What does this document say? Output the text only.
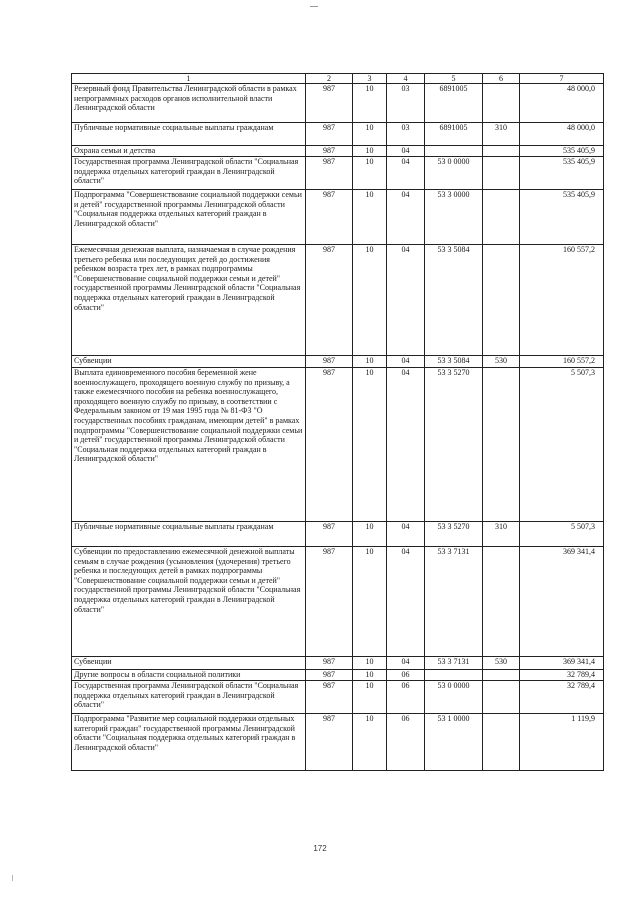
1	2	3	4	5	6	7
Резервный фонд Правительства Ленинградской области в рамках непрограммных расходов органов исполнительной власти Ленинградской области	987	10	03	6891005		48 000,0
Публичные нормативные социальные выплаты гражданам	987	10	03	6891005	310	48 000,0
Охрана семьи и детства	987	10	04			535 405,9
Государственная программа Ленинградской области "Социальная поддержка отдельных категорий граждан в Ленинградской области"	987	10	04	53 0 0000		535 405,9
Подпрограмма "Совершенствование социальной поддержки семьи и детей" государственной программы Ленинградской области "Социальная поддержка отдельных категорий граждан в Ленинградской области"	987	10	04	53 3 0000		535 405,9
Ежемесячная денежная выплата, назначаемая в случае рождения третьего ребенка или последующих детей до достижения ребенком возраста трех лет, в рамках подпрограммы "Совершенствование социальной поддержки семьи и детей" государственной программы Ленинградской области "Социальная поддержка отдельных категорий граждан в Ленинградской области"	987	10	04	53 3 5084		160 557,2
Субвенции	987	10	04	53 3 5084	530	160 557,2
Выплата единовременного пособия беременной жене военнослужащего, проходящего военную службу по призыву, а также ежемесячного пособия на ребенка военнослужащего, проходящего военную службу по призыву, в соответствии с Федеральным законом от 19 мая 1995 года № 81-ФЗ "О государственных пособиях гражданам, имеющим детей" в рамках подпрограммы "Совершенствование социальной поддержки семьи и детей" государственной программы Ленинградской области "Социальная поддержка отдельных категорий граждан в Ленинградской области"	987	10	04	53 3 5270		5 507,3
Публичные нормативные социальные выплаты гражданам	987	10	04	53 3 5270	310	5 507,3
Субвенции по предоставлению ежемесячной денежной выплаты семьям в случае рождения (усыновления (удочерения) третьего ребенка и последующих детей в рамках подпрограммы "Совершенствование социальной поддержки семьи и детей" государственной программы Ленинградской области "Социальная поддержка отдельных категорий граждан в Ленинградской области"	987	10	04	53 3 7131		369 341,4
Субвенции	987	10	04	53 3 7131	530	369 341,4
Другие вопросы в области социальной политики	987	10	06			32 789,4
Государственная программа Ленинградской области "Социальная поддержка отдельных категорий граждан в Ленинградской области"	987	10	06	53 0 0000		32 789,4
Подпрограмма "Развитие мер социальной поддержки отдельных категорий граждан" государственной программы Ленинградской области "Социальная поддержка отдельных категорий граждан в Ленинградской области"	987	10	06	53 1 0000		1 119,9
172
